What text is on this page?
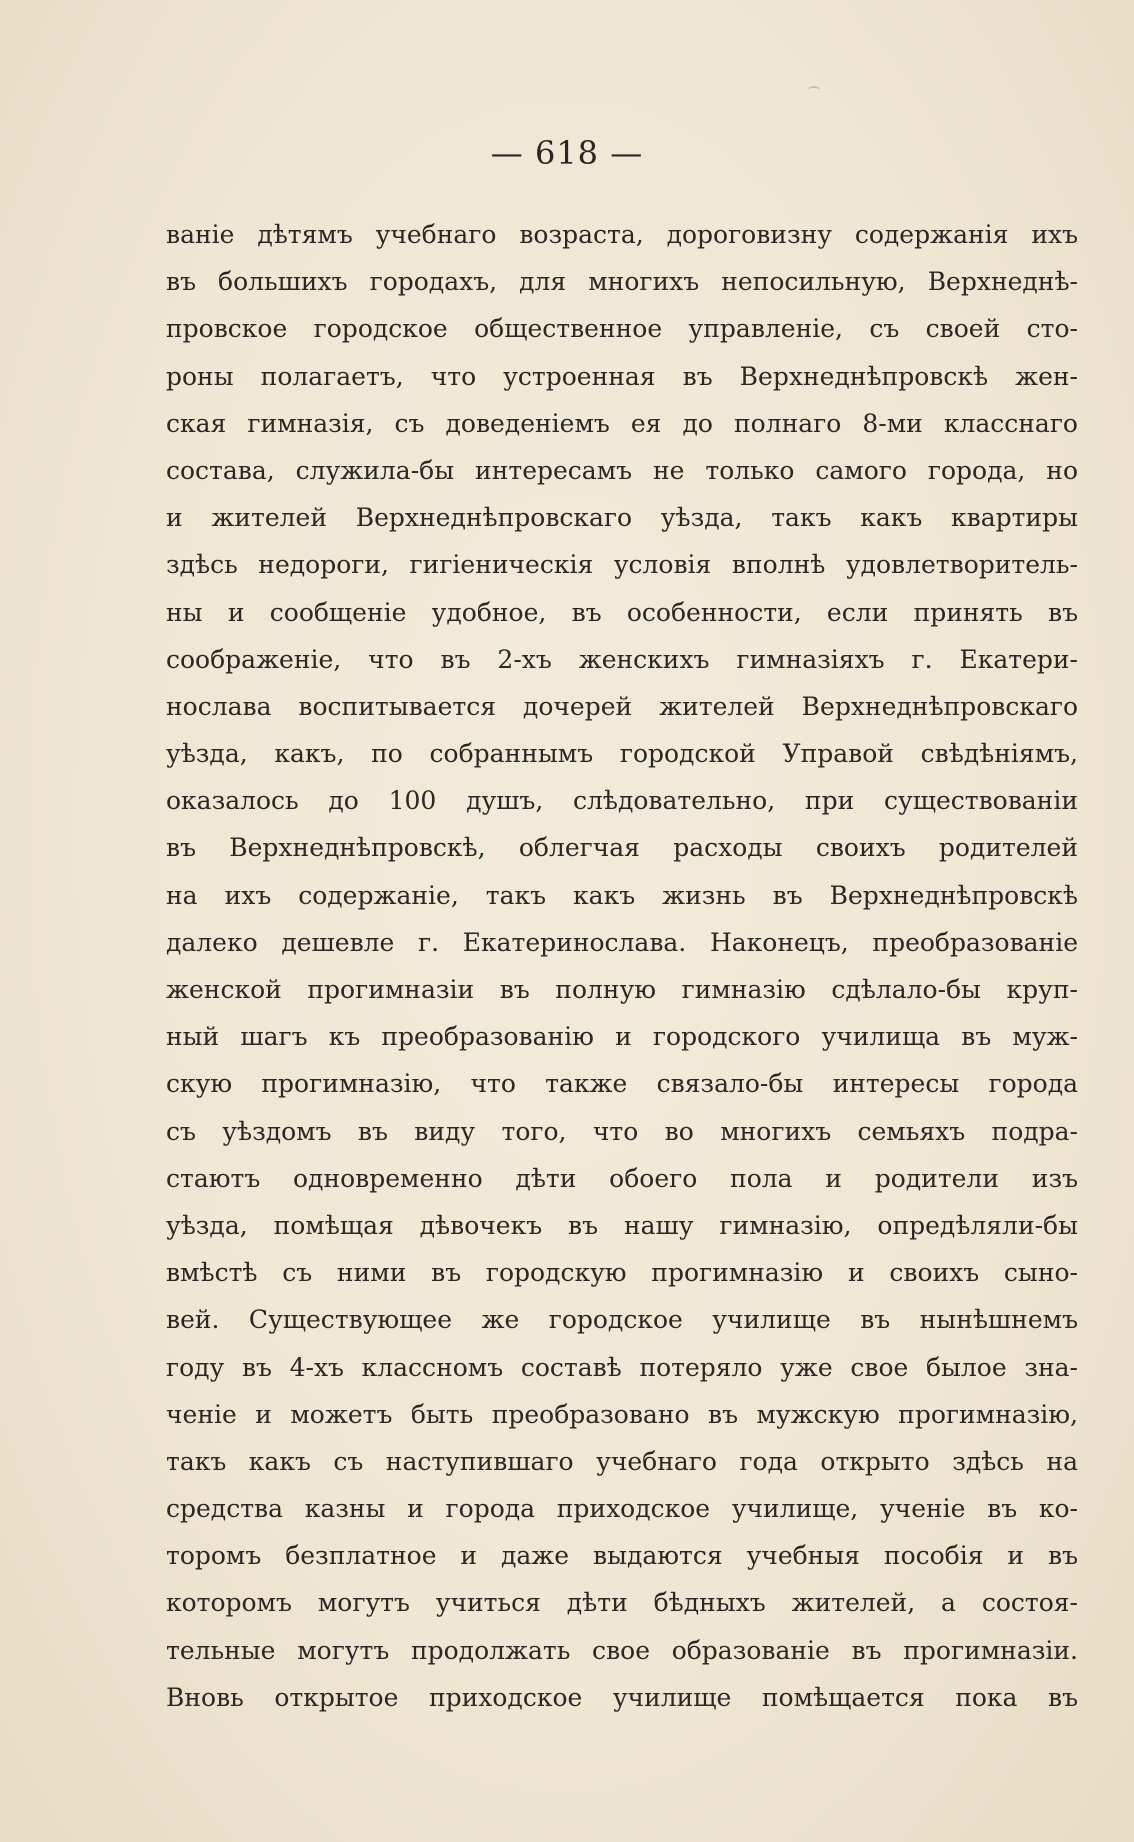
— 618 —
ваніе дѣтямъ учебнаго возраста, дороговизну содержанія ихъ
въ большихъ городахъ, для многихъ непосильную, Верхнеднѣ-
провское городское общественное управленіе, съ своей сто-
роны полагаетъ, что устроенная въ Верхнеднѣпровскѣ жен-
ская гимназія, съ доведеніемъ ея до полнаго 8-ми класснаго
состава, служила-бы интересамъ не только самого города, но
и жителей Верхнеднѣпровскаго уѣзда, такъ какъ квартиры
здѣсь недороги, гигіеническія условія вполнѣ удовлетворитель-
ны и сообщеніе удобное, въ особенности, если принять въ
соображеніе, что въ 2-хъ женскихъ гимназіяхъ г. Екатери-
нослава воспитывается дочерей жителей Верхнеднѣпровскаго
уѣзда, какъ, по собраннымъ городской Управой свѣдѣніямъ,
оказалось до 100 душъ, слѣдовательно, при существованіи
въ Верхнеднѣпровскѣ, облегчая расходы своихъ родителей
на ихъ содержаніе, такъ какъ жизнь въ Верхнеднѣпровскѣ
далеко дешевле г. Екатеринослава. Наконецъ, преобразованіе
женской прогимназіи въ полную гимназію сдѣлало-бы круп-
ный шагъ къ преобразованію и городского училища въ муж-
скую прогимназію, что также связало-бы интересы города
съ уѣздомъ въ виду того, что во многихъ семьяхъ подра-
стаютъ одновременно дѣти обоего пола и родители изъ
уѣзда, помѣщая дѣвочекъ въ нашу гимназію, опредѣляли-бы
вмѣстѣ съ ними въ городскую прогимназію и своихъ сыно-
вей. Существующее же городское училище въ нынѣшнемъ
году въ 4-хъ классномъ составѣ потеряло уже свое былое зна-
ченіе и можетъ быть преобразовано въ мужскую прогимназію,
такъ какъ съ наступившаго учебнаго года открыто здѣсь на
средства казны и города приходское училище, ученіе въ ко-
торомъ безплатное и даже выдаются учебныя пособія и въ
которомъ могутъ учиться дѣти бѣдныхъ жителей, а состоя-
тельные могутъ продолжать свое образованіе въ прогимназіи.
Вновь открытое приходское училище помѣщается пока въ
